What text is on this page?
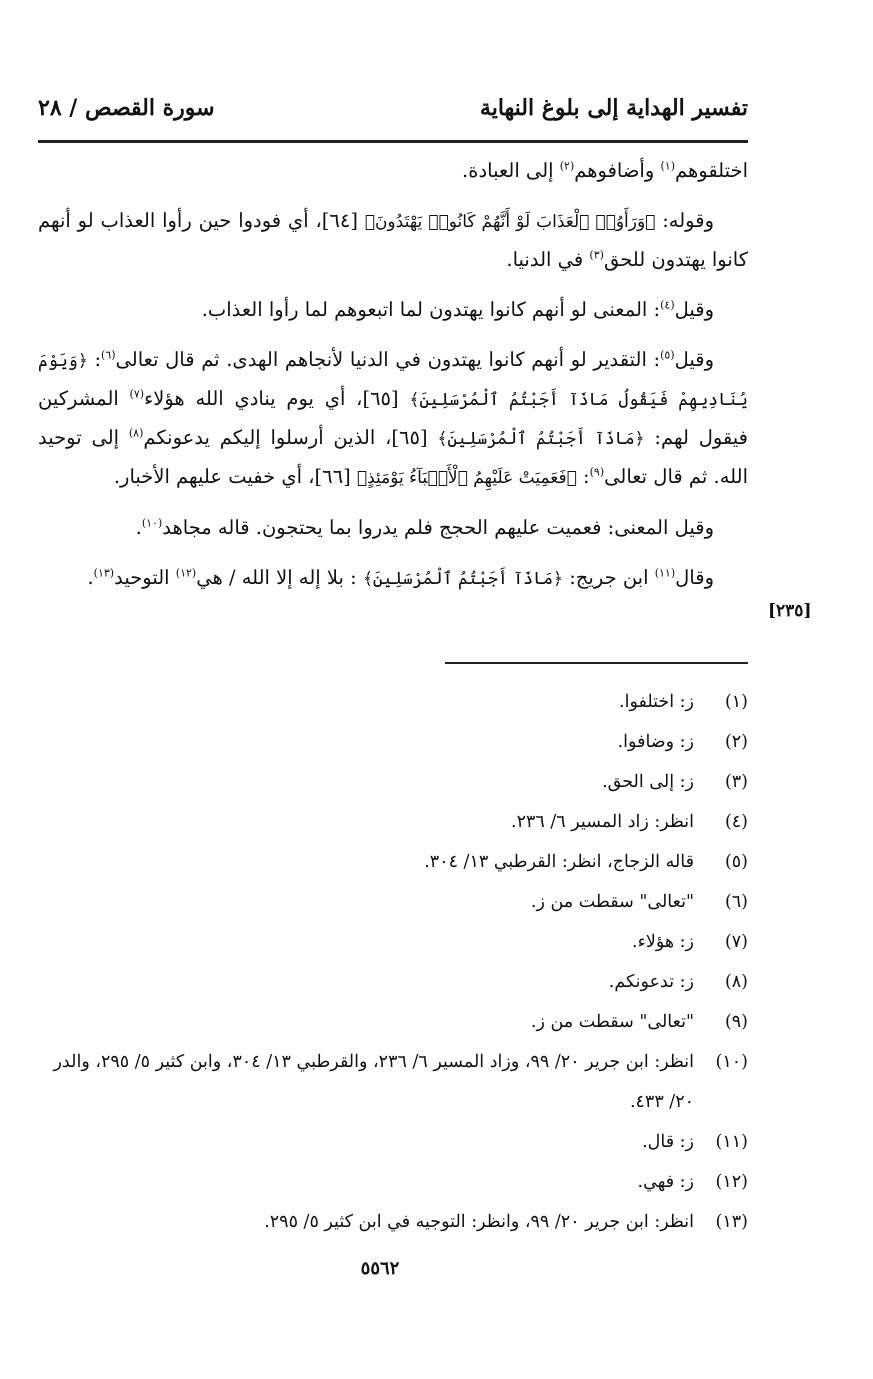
تفسير الهداية إلى بلوغ النهاية
سورة القصص / ٢٨

اختلقوهم$^{(١)}$ وأضافوهم$^{(٢)}$ إلى العبادة.

وقوله: ﴿وَرَأَوُا۟ ٱلْعَذَابَ لَوْ أَنَّهُمْ كَانُوا۟ يَهْتَدُونَ﴾ [٦٤]، أي فودوا حين رأوا العذاب لو أنهم كانوا يهتدون للحق$^{(٣)}$ في الدنيا.

وقيل$^{(٤)}$: المعنى لو أنهم كانوا يهتدون لما اتبعوهم لما رأوا العذاب.

وقيل$^{(٥)}$: التقدير لو أنهم كانوا يهتدون في الدنيا لأنجاهم الهدى. ثم قال تعالى$^{(٦)}$: ﴿وَيَوْمَ يُنَادِيهِمْ فَيَقُولُ مَاذَآ أَجَبْتُمُ ٱلْمُرْسَلِينَ﴾ [٦٥]، أي يوم ينادي الله هؤلاء$^{(٧)}$ المشركين فيقول لهم: ﴿مَاذَآ أَجَبْتُمُ ٱلْمُرْسَلِينَ﴾ [٦٥]، الذين أرسلوا إليكم يدعونكم$^{(٨)}$ إلى توحيد الله. ثم قال تعالى$^{(٩)}$: ﴿فَعَمِيَتْ عَلَيْهِمُ ٱلْأَنۢبَآءُ يَوْمَئِذٍ﴾ [٦٦]، أي خفيت عليهم الأخبار.

وقيل المعنى: فعميت عليهم الحجج فلم يدروا بما يحتجون. قاله مجاهد$^{(١٠)}$.

وقال$^{(١١)}$ ابن جريج: ﴿مَاذَآ أَجَبْتُمُ ٱلْمُرْسَلِينَ﴾ : بلا إله إلا الله / هي$^{(١٢)}$ التوحيد$^{(١٣)}$.

[٢٣٥]
(١)
ز: اختلفوا.
(٢)
ز: وضافوا.
(٣)
ز: إلى الحق.
(٤)
انظر: زاد المسير ٦/ ٢٣٦.
(٥)
قاله الزجاج، انظر: القرطبي ١٣/ ٣٠٤.
(٦)
"تعالى" سقطت من ز.
(٧)
ز: هؤلاء.
(٨)
ز: تدعونكم.
(٩)
"تعالى" سقطت من ز.
(١٠)
انظر: ابن جرير ٢٠/ ٩٩، وزاد المسير ٦/ ٢٣٦، والقرطبي ١٣/ ٣٠٤، وابن كثير ٥/ ٢٩٥، والدر ٢٠/ ٤٣٣.
(١١)
ز: قال.
(١٢)
ز: فهي.
(١٣)
انظر: ابن جرير ٢٠/ ٩٩، وانظر: التوجيه في ابن كثير ٥/ ٢٩٥.
٥٥٦٢
